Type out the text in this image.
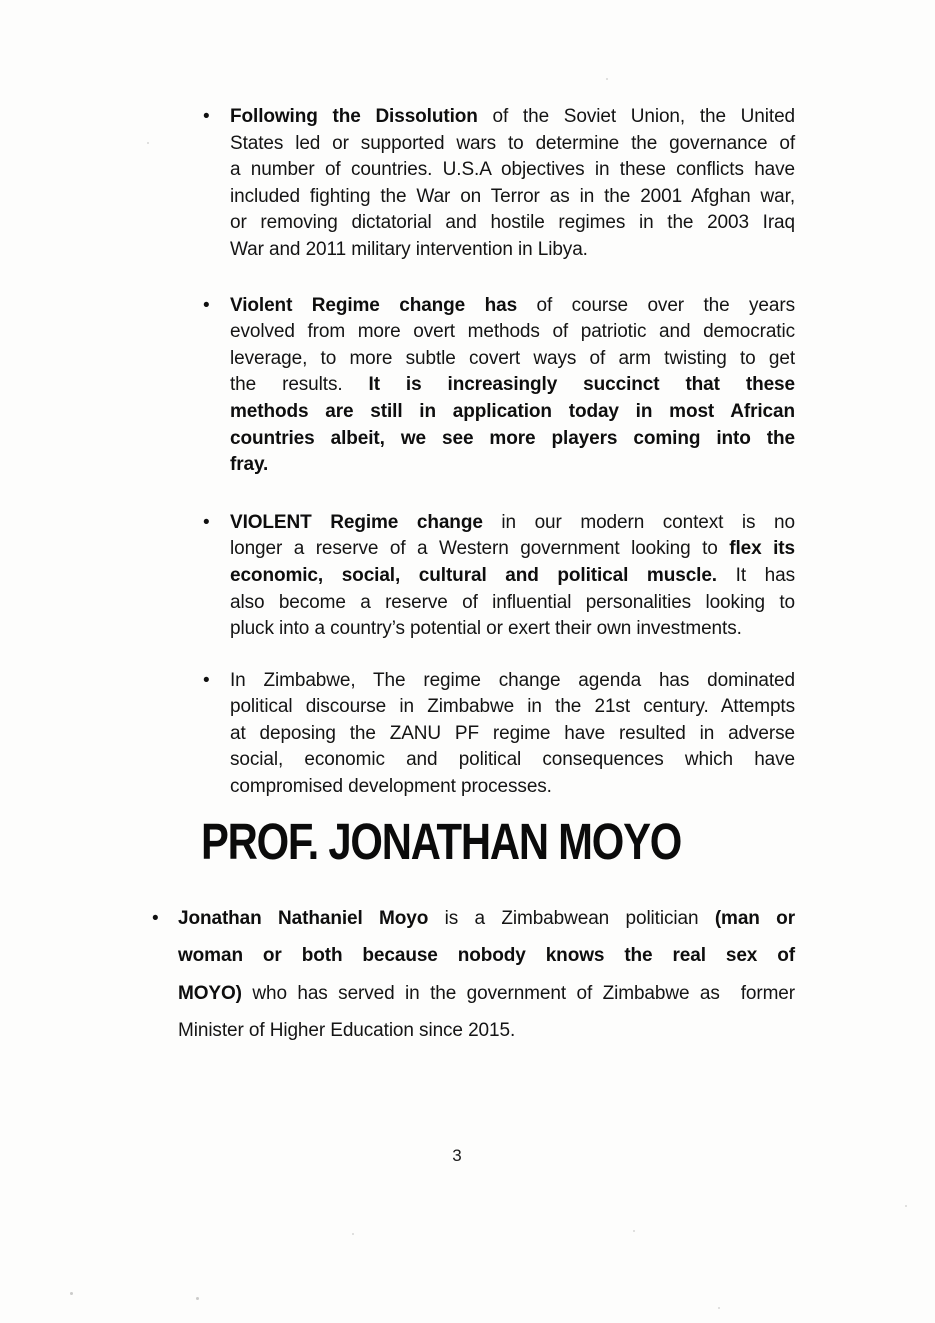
•	Following the Dissolution of the Soviet Union, the United
States led or supported wars to determine the governance of
a number of countries. U.S.A objectives in these conflicts have
included fighting the War on Terror as in the 2001 Afghan war,
or removing dictatorial and hostile regimes in the 2003 Iraq
War and 2011 military intervention in Libya.
•	Violent Regime change has of course over the years
evolved from more overt methods of patriotic and democratic
leverage, to more subtle covert ways of arm twisting to get
the results. It is increasingly succinct that these
methods are still in application today in most African
countries albeit, we see more players coming into the
fray.
•	VIOLENT Regime change in our modern context is no
longer a reserve of a Western government looking to flex its
economic, social, cultural and political muscle. It has
also become a reserve of influential personalities looking to
pluck into a country’s potential or exert their own investments.
•	In Zimbabwe, The regime change agenda has dominated
political discourse in Zimbabwe in the 21st century. Attempts
at deposing the ZANU PF regime have resulted in adverse
social, economic and political consequences which have
compromised development processes.
PROF. JONATHAN MOYO
•	Jonathan Nathaniel Moyo is a Zimbabwean politician (man or
woman or both because nobody knows the real sex of
MOYO) who has served in the government of Zimbabwe as  former
Minister of Higher Education since 2015.
3
